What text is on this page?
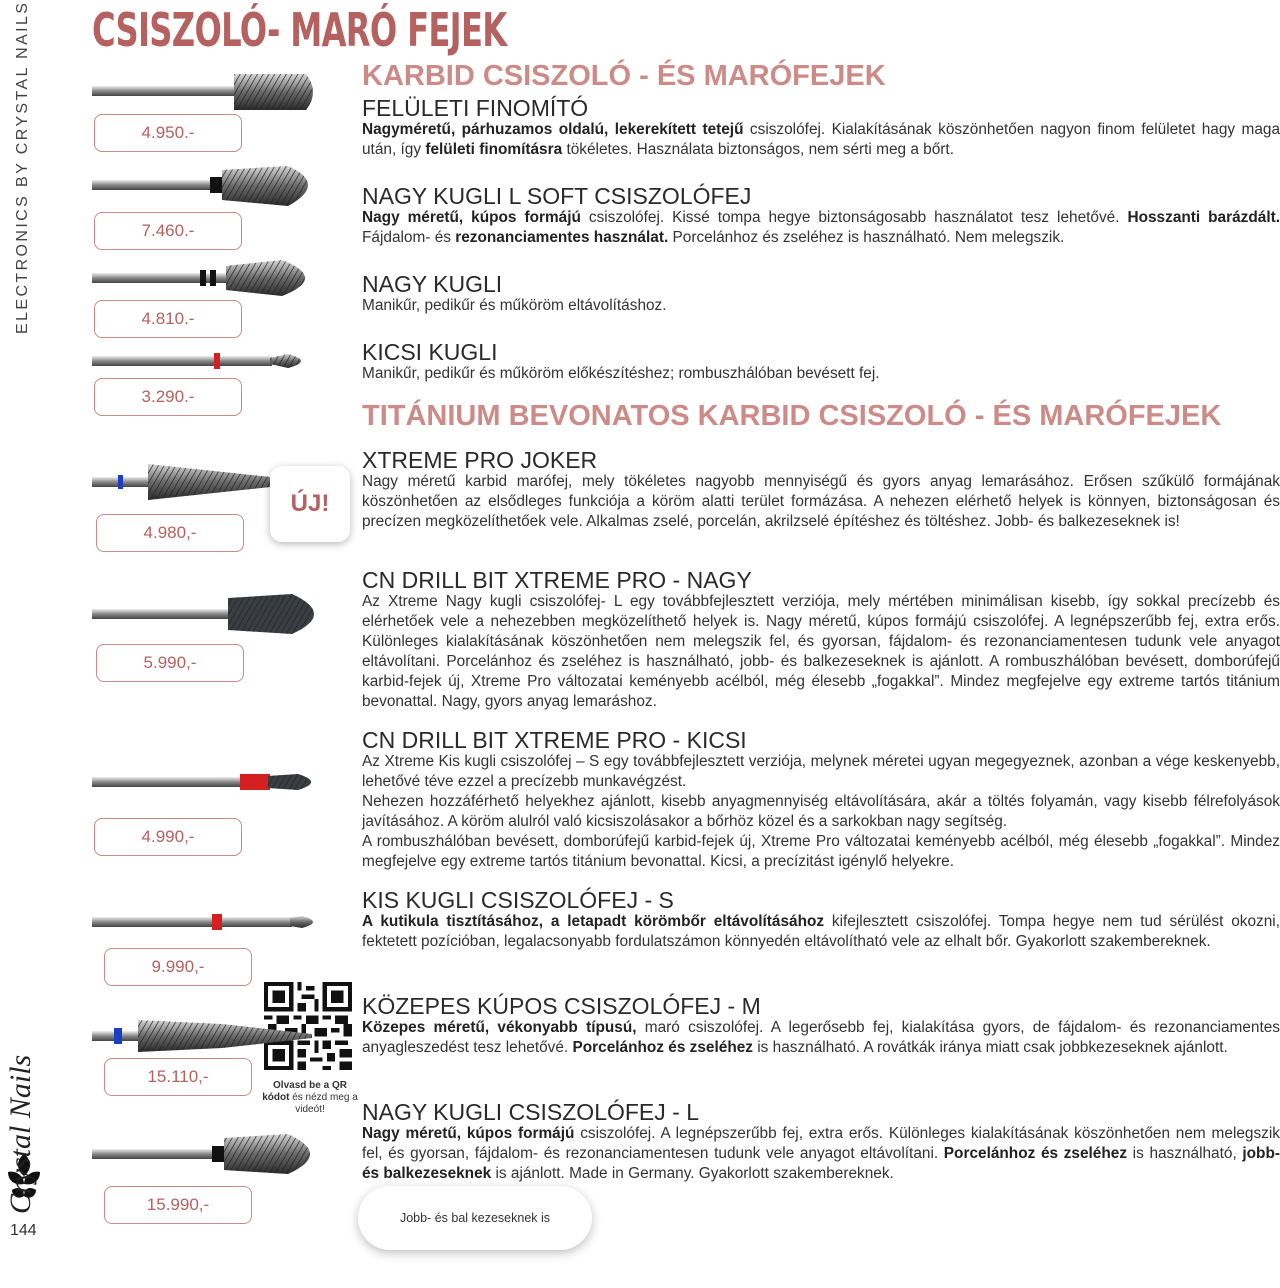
ELECTRONICS BY CRYSTAL NAILS
Crystal Nails
144
CSISZOLÓ- MARÓ FEJEK
4.950.-
7.460.-
4.810.-
3.290.-
ÚJ!
4.980,-
5.990,-
4.990,-
9.990,-
Olvasd be a QR kódot és nézd meg a videót!
15.110,-
15.990,-
KARBID CSISZOLÓ - ÉS MARÓFEJEK
TITÁNIUM BEVONATOS KARBID CSISZOLÓ - ÉS MARÓFEJEK
FELÜLETI FINOMÍTÓ
Nagyméretű, párhuzamos oldalú, lekerekített tetejű csiszolófej. Kialakításának köszönhetően nagyon finom felületet hagy maga után, így felületi finomításra tökéletes. Használata biztonságos, nem sérti meg a bőrt.
NAGY KUGLI L SOFT CSISZOLÓFEJ
Nagy méretű, kúpos formájú csiszolófej. Kissé tompa hegye biztonságosabb használatot tesz lehetővé. Hosszanti barázdált. Fájdalom- és rezonanciamentes használat. Porcelánhoz és zseléhez is használható. Nem melegszik.
NAGY KUGLI
Manikűr, pedikűr és műköröm eltávolításhoz.
KICSI KUGLI
Manikűr, pedikűr és műköröm előkészítéshez; rombuszhálóban bevésett fej.
XTREME PRO JOKER
Nagy méretű karbid marófej, mely tökéletes nagyobb mennyiségű és gyors anyag lemarásához. Erősen szűkülő formájának köszönhetően az elsődleges funkciója a köröm alatti terület formázása. A nehezen elérhető helyek is könnyen, biztonságosan és precízen megközelíthetőek vele. Alkalmas zselé, porcelán, akrilzselé építéshez és töltéshez. Jobb- és balkezeseknek is!
CN DRILL BIT XTREME PRO - NAGY
Az Xtreme Nagy kugli csiszolófej- L egy továbbfejlesztett verziója, mely mértében minimálisan kisebb, így sokkal precízebb és elérhetőek vele a nehezebben megközelíthető helyek is. Nagy méretű, kúpos formájú csiszolófej. A legnépszerűbb fej, extra erős. Különleges kialakításának köszönhetően nem melegszik fel, és gyorsan, fájdalom- és rezonanciamentesen tudunk vele anyagot eltávolítani. Porcelánhoz és zseléhez is használható, jobb- és balkezeseknek is ajánlott. A rombuszhálóban bevésett, domborúfejű karbid-fejek új, Xtreme Pro változatai keményebb acélból, még élesebb „fogakkal”. Mindez megfejelve egy extreme tartós titánium bevonattal. Nagy, gyors anyag lemaráshoz.
CN DRILL BIT XTREME PRO - KICSI
Az Xtreme Kis kugli csiszolófej – S egy továbbfejlesztett verziója, melynek méretei ugyan megegyeznek, azonban a vége keskenyebb, lehetővé téve ezzel a precízebb munkavégzést.
Nehezen hozzáférhető helyekhez ajánlott, kisebb anyagmennyiség eltávolítására, akár a töltés folyamán, vagy kisebb félrefolyások javításához. A köröm alulról való kicsiszolásakor a bőrhöz közel és a sarkokban nagy segítség.
A rombuszhálóban bevésett, domborúfejű karbid-fejek új, Xtreme Pro változatai keményebb acélból, még élesebb „fogakkal”. Mindez megfejelve egy extreme tartós titánium bevonattal. Kicsi, a precízitást igénylő helyekre.
KIS KUGLI CSISZOLÓFEJ - S
A kutikula tisztításához, a letapadt körömbőr eltávolításához kifejlesztett csiszolófej. Tompa hegye nem tud sérülést okozni, fektetett pozícióban, legalacsonyabb fordulatszámon könnyedén eltávolítható vele az elhalt bőr. Gyakorlott szakembereknek.
KÖZEPES KÚPOS CSISZOLÓFEJ - M
Közepes méretű, vékonyabb típusú, maró csiszolófej. A legerősebb fej, kialakítása gyors, de fájdalom- és rezonanciamentes anyagleszedést tesz lehetővé. Porcelánhoz és zseléhez is használható. A rovátkák iránya miatt csak jobbkezeseknek ajánlott.
NAGY KUGLI CSISZOLÓFEJ - L
Nagy méretű, kúpos formájú csiszolófej. A legnépszerűbb fej, extra erős. Különleges kialakításának köszönhetően nem melegszik fel, és gyorsan, fájdalom- és rezonanciamentesen tudunk vele anyagot eltávolítani. Porcelánhoz és zseléhez is használható, jobb- és balkezeseknek is ajánlott. Made in Germany. Gyakorlott szakembereknek.
Jobb- és bal kezeseknek is
